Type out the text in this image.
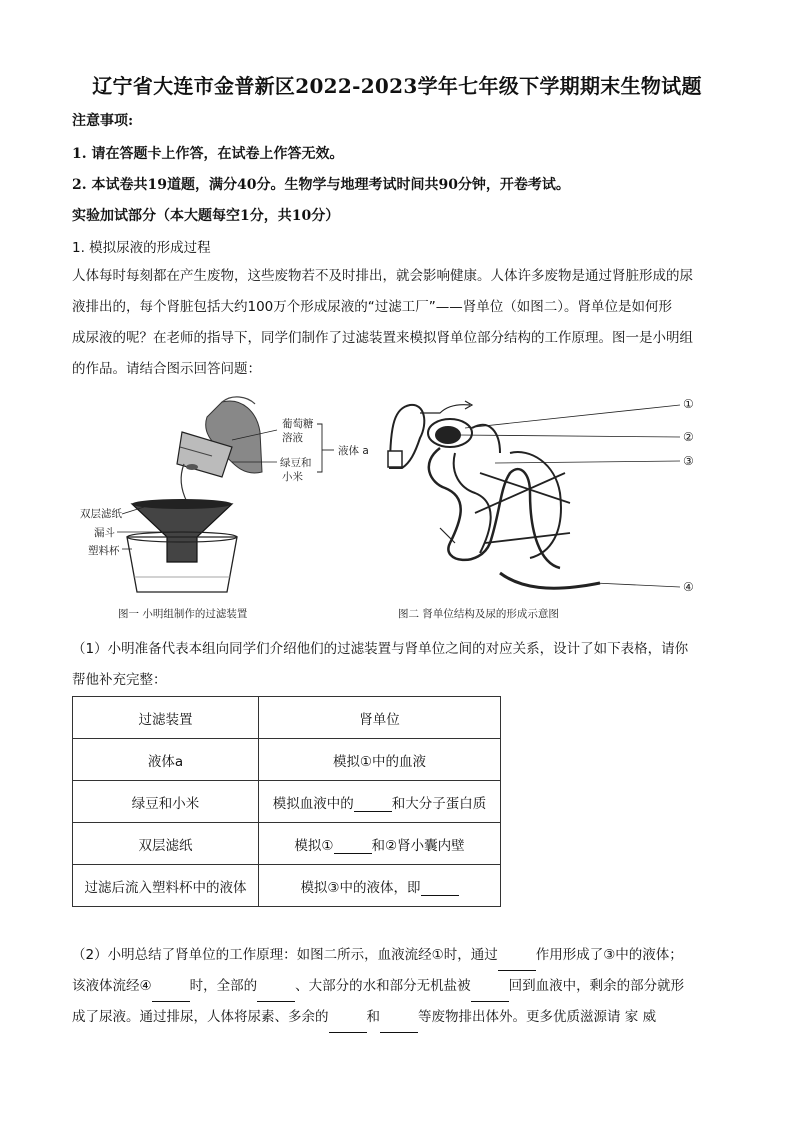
辽宁省大连市金普新区2022-2023学年七年级下学期期末生物试题
注意事项:
1. 请在答题卡上作答，在试卷上作答无效。
2. 本试卷共19道题，满分40分。生物学与地理考试时间共90分钟，开卷考试。
实验加试部分（本大题每空1分，共10分）
1. 模拟尿液的形成过程
人体每时每刻都在产生废物，这些废物若不及时排出，就会影响健康。人体许多废物是通过肾脏形成的尿
液排出的，每个肾脏包括大约100万个形成尿液的“过滤工厂”——肾单位（如图二）。肾单位是如何形
成尿液的呢？在老师的指导下，同学们制作了过滤装置来模拟肾单位部分结构的工作原理。图一是小明组
的作品。请结合图示回答问题：
葡萄糖
溶液
绿豆和
小米
液体 a
双层滤纸
漏斗
塑料杯
图一 小明组制作的过滤装置
①
②
③
④
图二 肾单位结构及尿的形成示意图
（1）小明准备代表本组向同学们介绍他们的过滤装置与肾单位之间的对应关系，设计了如下表格，请你
帮他补充完整：
过滤装置	肾单位
液体a	模拟①中的血液
绿豆和小米	模拟血液中的 和大分子蛋白质
双层滤纸	模拟① 和②肾小囊内壁
过滤后流入塑料杯中的液体	模拟③中的液体，即
（2）小明总结了肾单位的工作原理：如图二所示，血液流经①时，通过	作用形成了③中的液体；
该液体流经④	时，全部的	、大部分的水和部分无机盐被	回到血液中，剩余的部分就形
成了尿液。通过排尿，人体将尿素、多余的	和	等废物排出体外。更多优质滋源请 家 威
